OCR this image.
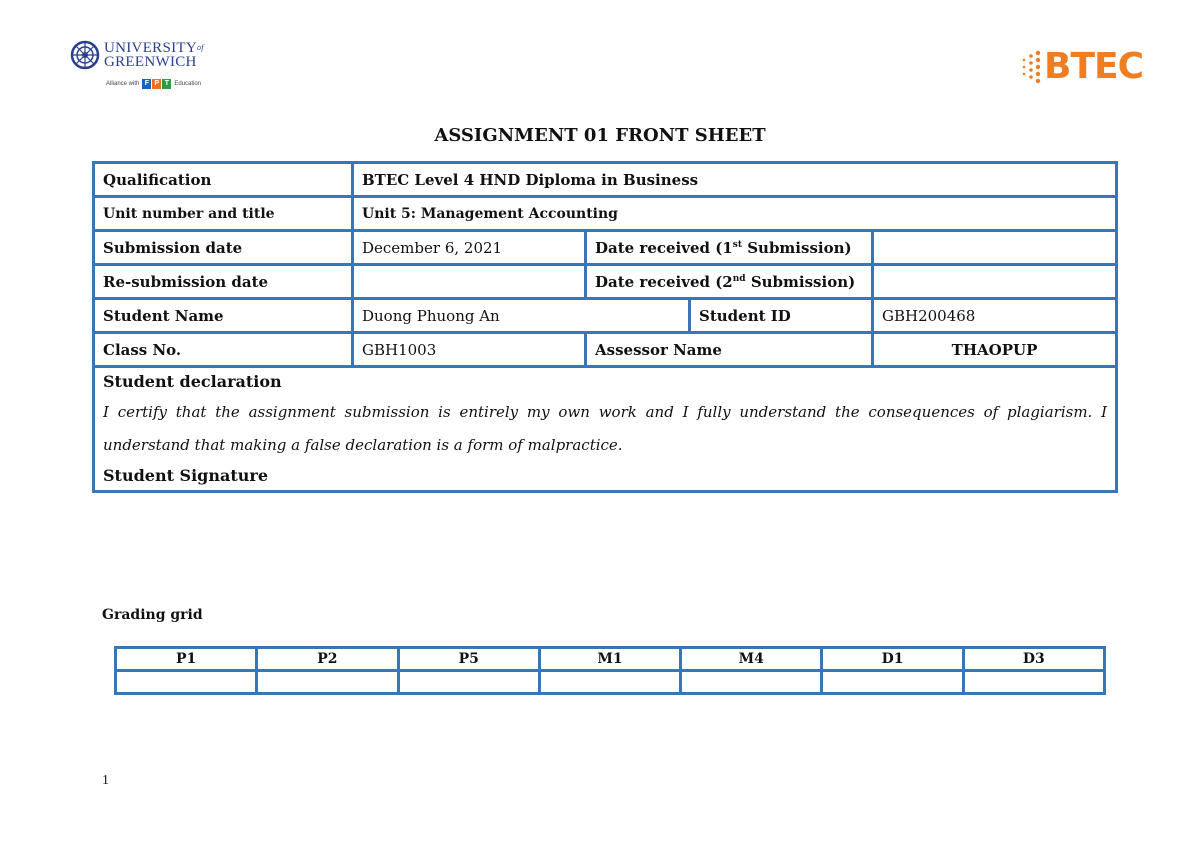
$UNIVERSITY^{of}$
GREENWICH
Alliance with F P T Education	BTEC
ASSIGNMENT 01 FRONT SHEET
Qualification	BTEC Level 4 HND Diploma in Business			
Unit number and title	Unit 5: Management Accounting			
Submission date	December 6, 2021	Date received (1st Submission)		
Re-submission date		Date received (2nd Submission)		
Student Name	Duong Phuong An		Student ID	GBH200468
Class No.	GBH1003	Assessor Name		THAOPUP

Student declaration
I certify that the assignment submission is entirely my own work and I fully understand the consequences of plagiarism. I understand that making a false declaration is a form of malpractice.
Student Signature				
Grading grid
P1	P2	P5	M1	M4	D1	D3

1
